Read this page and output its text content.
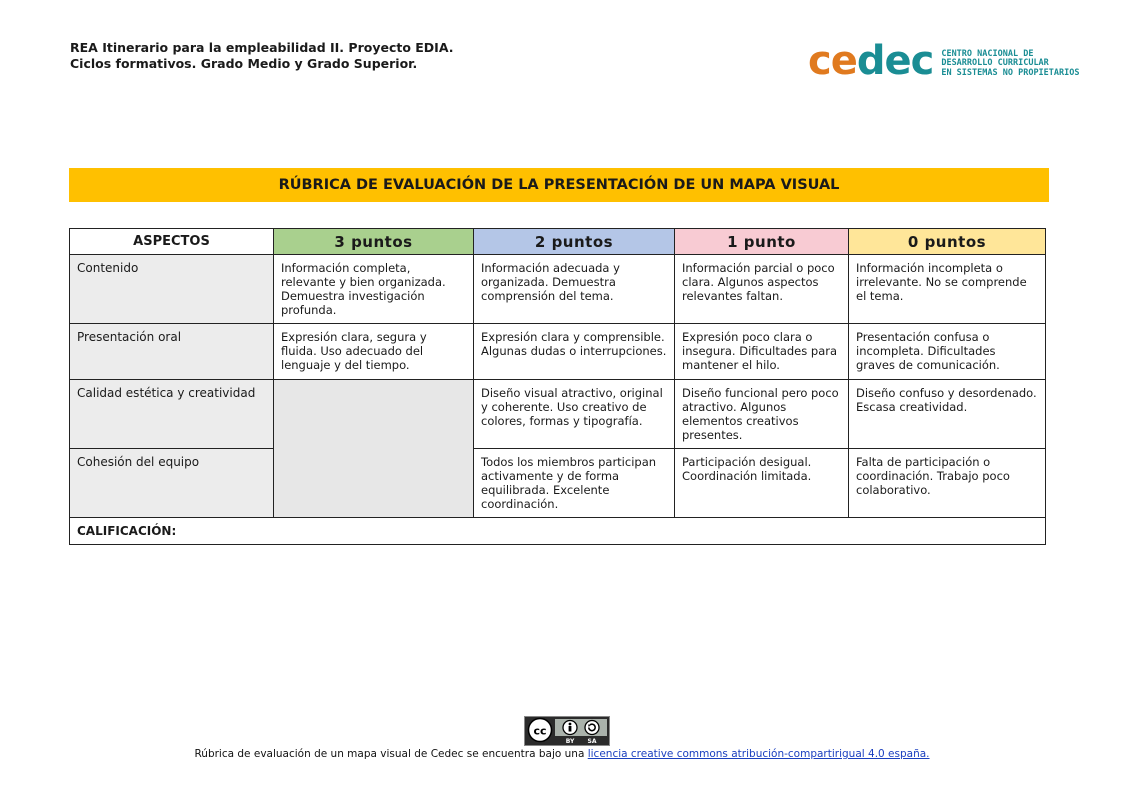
REA Itinerario para la empleabilidad II. Proyecto EDIA.
Ciclos formativos. Grado Medio y Grado Superior.	cedec CENTRO NACIONAL DE
DESARROLLO CURRICULAR
EN SISTEMAS NO PROPIETARIOS
RÚBRICA DE EVALUACIÓN DE LA PRESENTACIÓN DE UN MAPA VISUAL
ASPECTOS	3 puntos	2 puntos	1 punto	0 puntos
Contenido	Información completa, relevante y bien organizada. Demuestra investigación profunda.	Información adecuada y organizada. Demuestra comprensión del tema.	Información parcial o poco clara. Algunos aspectos relevantes faltan.	Información incompleta o irrelevante. No se comprende el tema.
Presentación oral	Expresión clara, segura y fluida. Uso adecuado del lenguaje y del tiempo.	Expresión clara y comprensible. Algunas dudas o interrupciones.	Expresión poco clara o insegura. Dificultades para mantener el hilo.	Presentación confusa o incompleta. Dificultades graves de comunicación.
Calidad estética y creatividad		Diseño visual atractivo, original y coherente. Uso creativo de colores, formas y tipografía.	Diseño funcional pero poco atractivo. Algunos elementos creativos presentes.	Diseño confuso y desordenado. Escasa creatividad.
Cohesión del equipo		Todos los miembros participan activamente y de forma equilibrada. Excelente coordinación.	Participación desigual. Coordinación limitada.	Falta de participación o coordinación. Trabajo poco colaborativo.
CALIFICACIÓN:				
cc
BY SA
Rúbrica de evaluación de un mapa visual de Cedec se encuentra bajo una licencia creative commons atribución-compartirigual 4.0 españa.
